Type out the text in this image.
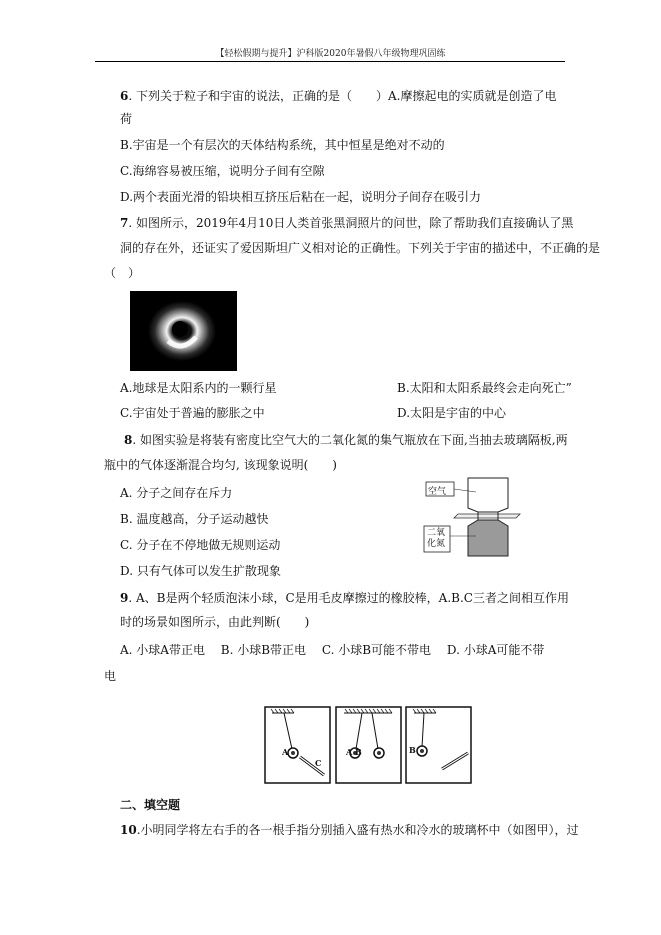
【轻松假期与提升】沪科版2020年暑假八年级物理巩固练
6. 下列关于粒子和宇宙的说法，正确的是（　　）A.摩擦起电的实质就是创造了电
荷
B.宇宙是一个有层次的天体结构系统，其中恒星是绝对不动的
C.海绵容易被压缩，说明分子间有空隙
D.两个表面光滑的铅块相互挤压后粘在一起，说明分子间存在吸引力
7. 如图所示，2019年4月10日人类首张黑洞照片的问世，除了帮助我们直接确认了黑
洞的存在外，还证实了爱因斯坦广义相对论的正确性。下列关于宇宙的描述中，不正确的是
（　）
A.地球是太阳系内的一颗行星	B.太阳和太阳系最终会走向死亡”
C.宇宙处于普遍的膨胀之中	D.太阳是宇宙的中心
8. 如图实验是将装有密度比空气大的二氧化氮的集气瓶放在下面,当抽去玻璃隔板,两
瓶中的气体逐渐混合均匀, 该现象说明(　　)
A. 分子之间存在斥力
B. 温度越高，分子运动越快
C. 分子在不停地做无规则运动
D. 只有气体可以发生扩散现象
空气
二氧
化氮
9. A、B是两个轻质泡沫小球，C是用毛皮摩擦过的橡胶棒，A.B.C三者之间相互作用
时的场景如图所示，由此判断(　　)
A. 小球A带正电　 B. 小球B带正电　 C. 小球B可能不带电　 D. 小球A可能不带
电
A
C
A B	B
二、填空题
10.小明同学将左右手的各一根手指分别插入盛有热水和冷水的玻璃杯中（如图甲），过
